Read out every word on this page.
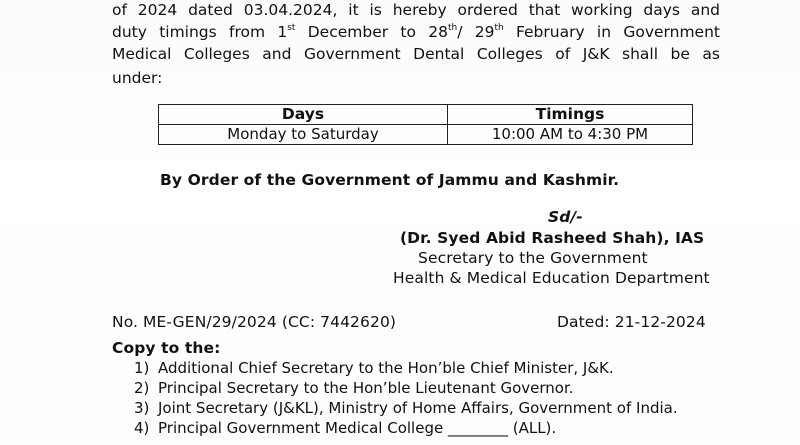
of 2024 dated 03.04.2024, it is hereby ordered that working days and
duty timings from 1st December to 28th/ 29th February in Government
Medical Colleges and Government Dental Colleges of J&K shall be as
under:
Days	Timings
Monday to Saturday	10:00 AM to 4:30 PM
By Order of the Government of Jammu and Kashmir.
Sd/-
(Dr. Syed Abid Rasheed Shah), IAS
Secretary to the Government
Health & Medical Education Department
No. ME-GEN/29/2024 (CC: 7442620)	Dated: 21-12-2024
Copy to the:
1) Additional Chief Secretary to the Hon’ble Chief Minister, J&K.
2) Principal Secretary to the Hon’ble Lieutenant Governor.
3) Joint Secretary (J&KL), Ministry of Home Affairs, Government of India.
4) Principal Government Medical College ________ (ALL).
